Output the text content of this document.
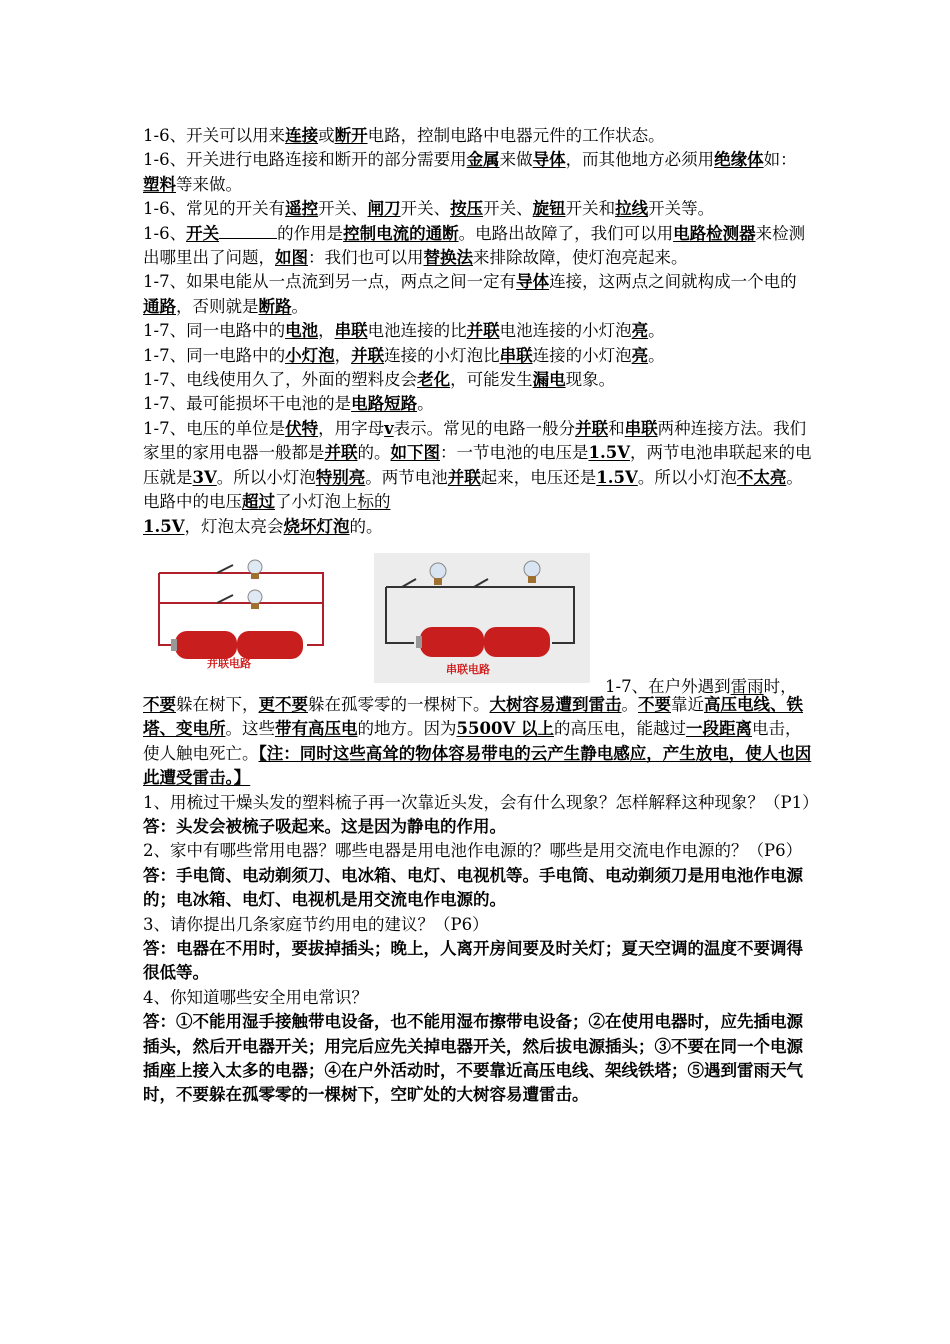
1-6、开关可以用来连接或断开电路，控制电路中电器元件的工作状态。

1-6、开关进行电路连接和断开的部分需要用金属来做导体，而其他地方必须用绝缘体如：塑料等来做。

1-6、常见的开关有遥控开关、闸刀开关、按压开关、旋钮开关和拉线开关等。

1-6、开关	的作用是控制电流的通断。电路出故障了，我们可以用电路检测器来检测出哪里出了问题，如图：我们也可以用替换法来排除故障，使灯泡亮起来。

1-7、如果电能从一点流到另一点，两点之间一定有导体连接，这两点之间就构成一个电的通路，否则就是断路。

1-7、同一电路中的电池，串联电池连接的比并联电池连接的小灯泡亮。

1-7、同一电路中的小灯泡，并联连接的小灯泡比串联连接的小灯泡亮。

1-7、电线使用久了，外面的塑料皮会老化，可能发生漏电现象。

1-7、最可能损坏干电池的是电路短路。

1-7、电压的单位是伏特，用字母v表示。常见的电路一般分并联和串联两种连接方法。我们家里的家用电器一般都是并联的。如下图：一节电池的电压是1.5V，两节电池串联起来的电压就是3V。所以小灯泡特别亮。两节电池并联起来，电压还是1.5V。所以小灯泡不太亮。电路中的电压超过了小灯泡上标的
1.5V，灯泡太亮会烧坏灯泡的。

并联电路	串联电路
1-7、在户外遇到雷雨时，

不要躲在树下，更不要躲在孤零零的一棵树下。大树容易遭到雷击。不要靠近高压电线、铁塔、变电所。这些带有高压电的地方。因为5500V 以上的高压电，能越过一段距离电击，使人触电死亡。【注：同时这些高耸的物体容易带电的云产生静电感应，产生放电，使人也因此遭受雷击。】

1、用梳过干燥头发的塑料梳子再一次靠近头发，会有什么现象？怎样解释这种现象？（P1）

答：头发会被梳子吸起来。这是因为静电的作用。

2、家中有哪些常用电器？哪些电器是用电池作电源的？哪些是用交流电作电源的？（P6）

答：手电筒、电动剃须刀、电冰箱、电灯、电视机等。手电筒、电动剃须刀是用电池作电源的；电冰箱、电灯、电视机是用交流电作电源的。

3、请你提出几条家庭节约用电的建议？（P6）

答：电器在不用时，要拔掉插头；晚上，人离开房间要及时关灯；夏天空调的温度不要调得很低等。

4、你知道哪些安全用电常识？

答：①不能用湿手接触带电设备，也不能用湿布擦带电设备；②在使用电器时，应先插电源插头，然后开电器开关；用完后应先关掉电器开关，然后拔电源插头；③不要在同一个电源插座上接入太多的电器；④在户外活动时，不要靠近高压电线、架线铁塔；⑤遇到雷雨天气时，不要躲在孤零零的一棵树下，空旷处的大树容易遭雷击。
